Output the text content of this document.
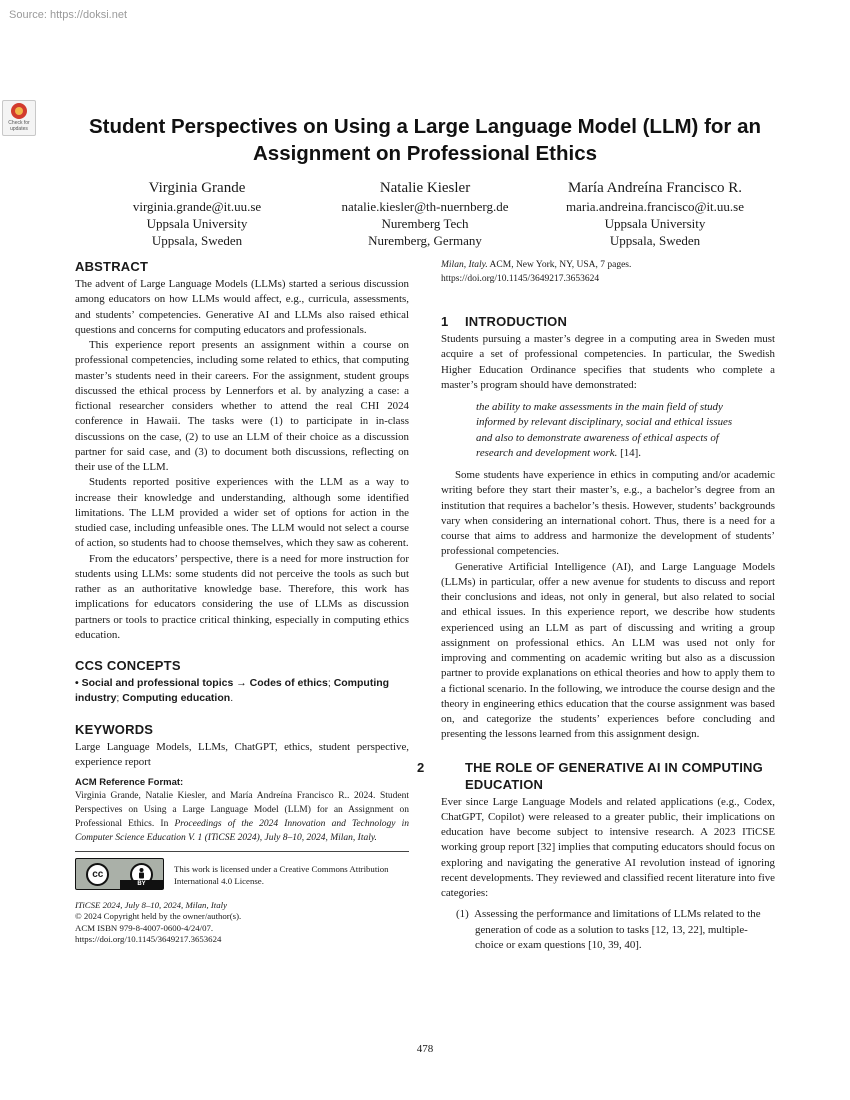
Source: https://doksi.net
Check for updates	Student Perspectives on Using a Large Language Model (LLM) for an Assignment on Professional Ethics
Virginia Grande
virginia.grande@it.uu.se
Uppsala University
Uppsala, Sweden
Natalie Kiesler
natalie.kiesler@th-nuernberg.de
Nuremberg Tech
Nuremberg, Germany
María Andreína Francisco R.
maria.andreina.francisco@it.uu.se
Uppsala University
Uppsala, Sweden
ABSTRACT

The advent of Large Language Models (LLMs) started a serious discussion among educators on how LLMs would affect, e.g., curricula, assessments, and students’ competencies. Generative AI and LLMs also raised ethical questions and concerns for computing educators and professionals.

This experience report presents an assignment within a course on professional competencies, including some related to ethics, that computing master’s students need in their careers. For the assignment, student groups discussed the ethical process by Lennerfors et al. by analyzing a case: a fictional researcher considers whether to attend the real CHI 2024 conference in Hawaii. The tasks were (1) to participate in in-class discussions on the case, (2) to use an LLM of their choice as a discussion partner for said case, and (3) to document both discussions, reflecting on their use of the LLM.

Students reported positive experiences with the LLM as a way to increase their knowledge and understanding, although some identified limitations. The LLM provided a wider set of options for action in the studied case, including unfeasible ones. The LLM would not select a course of action, so students had to choose themselves, which they saw as coherent.

From the educators’ perspective, there is a need for more instruction for students using LLMs: some students did not perceive the tools as such but rather as an authoritative knowledge base. Therefore, this work has implications for educators considering the use of LLMs as discussion partners or tools to practice critical thinking, especially in computing ethics education.

CCS CONCEPTS

• Social and professional topics → Codes of ethics; Computing industry; Computing education.

KEYWORDS

Large Language Models, LLMs, ChatGPT, ethics, student perspective, experience report

ACM Reference Format:

Virginia Grande, Natalie Kiesler, and María Andreína Francisco R.. 2024. Student Perspectives on Using a Large Language Model (LLM) for an Assignment on Professional Ethics. In Proceedings of the 2024 Innovation and Technology in Computer Science Education V. 1 (ITiCSE 2024), July 8–10, 2024, Milan, Italy.

cc
BY
This work is licensed under a Creative Commons Attribution International 4.0 License.
ITiCSE 2024, July 8–10, 2024, Milan, Italy
© 2024 Copyright held by the owner/author(s).
ACM ISBN 979-8-4007-0600-4/24/07.
https://doi.org/10.1145/3649217.3653624

Milan, Italy. ACM, New York, NY, USA, 7 pages. https://doi.org/10.1145/3649217.3653624

1 INTRODUCTION

Students pursuing a master’s degree in a computing area in Sweden must acquire a set of professional competencies. In particular, the Swedish Higher Education Ordinance specifies that students who complete a master’s program should have demonstrated:

the ability to make assessments in the main field of study informed by relevant disciplinary, social and ethical issues and also to demonstrate awareness of ethical aspects of research and development work. [14].

Some students have experience in ethics in computing and/or academic writing before they start their master’s, e.g., a bachelor’s degree from an institution that requires a bachelor’s thesis. However, students’ backgrounds vary when considering an international cohort. Thus, there is a need for a course that aims to address and harmonize the development of students’ professional competencies.

Generative Artificial Intelligence (AI), and Large Language Models (LLMs) in particular, offer a new avenue for students to discuss and report their conclusions and ideas, not only in general, but also related to social and ethical issues. In this experience report, we describe how students experienced using an LLM as part of discussing and writing a group assignment on professional ethics. An LLM was used not only for improving and commenting on academic writing but also as a discussion partner to provide explanations on ethical theories and how to apply them to a fictional scenario. In the following, we introduce the course design and the theory in engineering ethics education that the course assignment was based on, and categorize the students’ experiences before concluding and presenting the lessons learned from this assignment design.

2	THE ROLE OF GENERATIVE AI IN COMPUTING EDUCATION

Ever since Large Language Models and related applications (e.g., Codex, ChatGPT, Copilot) were released to a greater public, their implications on education have become subject to intensive research. A 2023 ITiCSE working group report [32] implies that computing educators should focus on exploring and navigating the generative AI revolution instead of ignoring recent developments. They reviewed and classified recent literature into five categories:

(1) Assessing the performance and limitations of LLMs related to the generation of code as a solution to tasks [12, 13, 22], multiple-choice or exam questions [10, 39, 40].
478
